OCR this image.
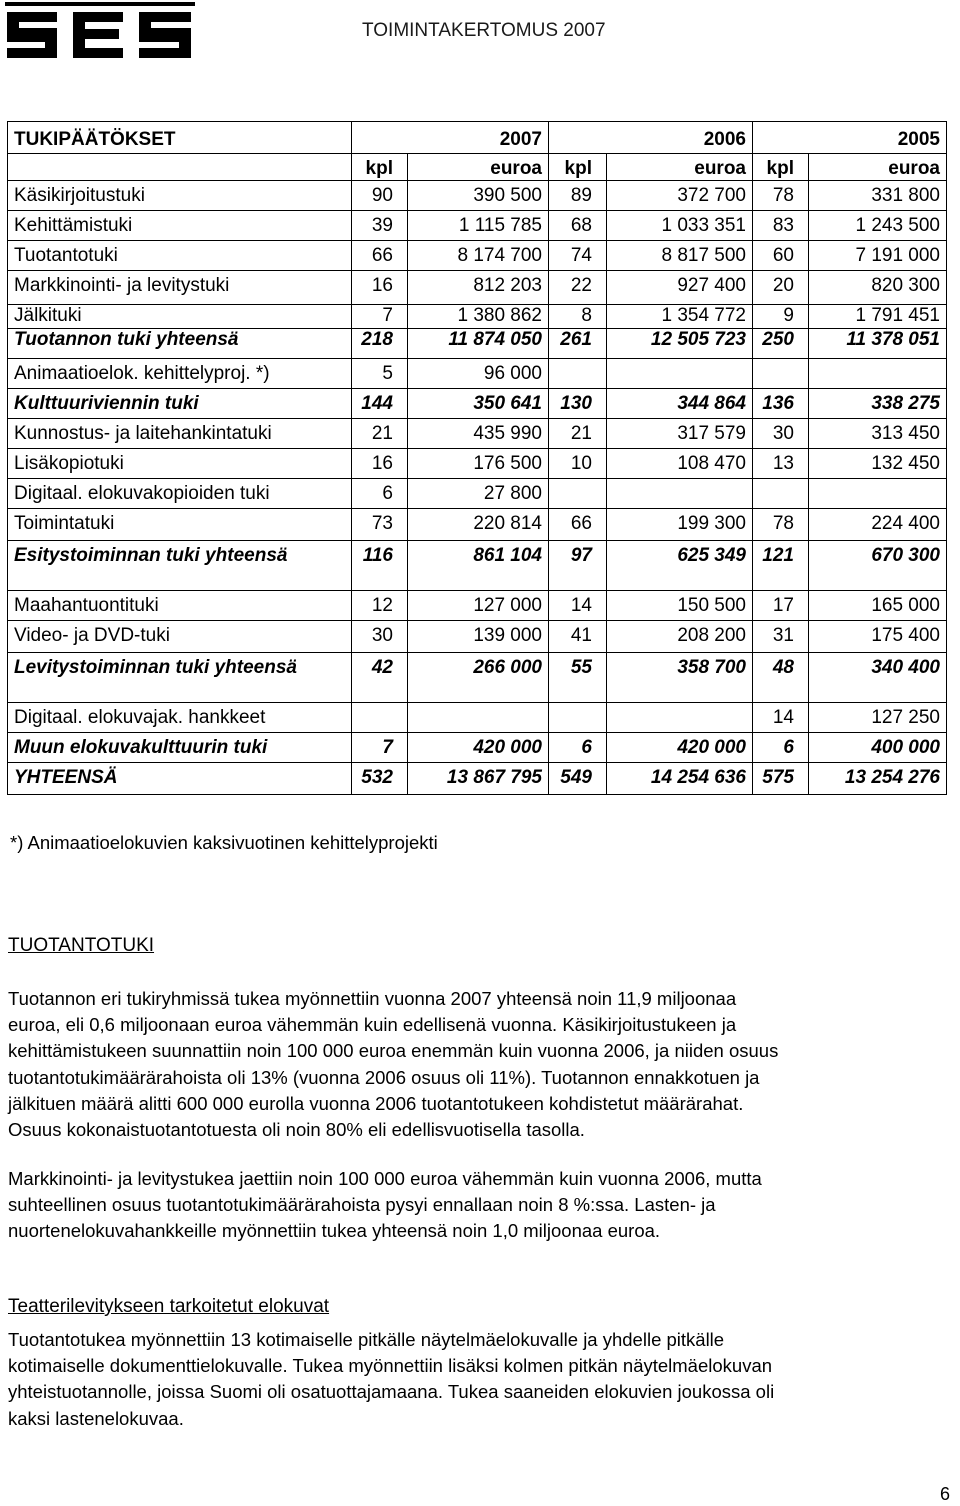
TOIMINTAKERTOMUS 2007
TUKIPÄÄTÖKSET	2007		2006		2005	
	kpl	euroa	kpl	euroa	kpl	euroa
Käsikirjoitustuki	90	390 500	89	372 700	78	331 800
Kehittämistuki	39	1 115 785	68	1 033 351	83	1 243 500
Tuotantotuki	66	8 174 700	74	8 817 500	60	7 191 000
Markkinointi- ja levitystuki	16	812 203	22	927 400	20	820 300
Jälkituki	7	1 380 862	8	1 354 772	9	1 791 451
Tuotannon tuki yhteensä	218	11 874 050	261	12 505 723	250	11 378 051
Animaatioelok. kehittelyproj. *)	5	96 000				
Kulttuuriviennin tuki	144	350 641	130	344 864	136	338 275
Kunnostus- ja laitehankintatuki	21	435 990	21	317 579	30	313 450
Lisäkopiotuki	16	176 500	10	108 470	13	132 450
Digitaal. elokuvakopioiden tuki	6	27 800				
Toimintatuki	73	220 814	66	199 300	78	224 400
Esitystoiminnan tuki yhteensä	116	861 104	97	625 349	121	670 300
Maahantuontituki	12	127 000	14	150 500	17	165 000
Video- ja DVD-tuki	30	139 000	41	208 200	31	175 400
Levitystoiminnan tuki yhteensä	42	266 000	55	358 700	48	340 400
Digitaal. elokuvajak. hankkeet					14	127 250
Muun elokuvakulttuurin tuki	7	420 000	6	420 000	6	400 000
YHTEENSÄ	532	13 867 795	549	14 254 636	575	13 254 276
*) Animaatioelokuvien kaksivuotinen kehittelyprojekti
TUOTANTOTUKI
Tuotannon eri tukiryhmissä tukea myönnettiin vuonna 2007 yhteensä noin 11,9 miljoonaa
euroa, eli 0,6 miljoonaan euroa vähemmän kuin edellisenä vuonna. Käsikirjoitustukeen ja
kehittämistukeen suunnattiin noin 100 000 euroa enemmän kuin vuonna 2006, ja niiden osuus
tuotantotukimäärärahoista oli 13% (vuonna 2006 osuus oli 11%). Tuotannon ennakkotuen ja
jälkituen määrä alitti 600 000 eurolla vuonna 2006 tuotantotukeen kohdistetut määrärahat.
Osuus kokonaistuotantotuesta oli noin 80% eli edellisvuotisella tasolla.
Markkinointi- ja levitystukea jaettiin noin 100 000 euroa vähemmän kuin vuonna 2006, mutta
suhteellinen osuus tuotantotukimäärärahoista pysyi ennallaan noin 8 %:ssa. Lasten- ja
nuortenelokuvahankkeille myönnettiin tukea yhteensä noin 1,0 miljoonaa euroa.
Teatterilevitykseen tarkoitetut elokuvat
Tuotantotukea myönnettiin 13 kotimaiselle pitkälle näytelmäelokuvalle ja yhdelle pitkälle
kotimaiselle dokumenttielokuvalle. Tukea myönnettiin lisäksi kolmen pitkän näytelmäelokuvan
yhteistuotannolle, joissa Suomi oli osatuottajamaana. Tukea saaneiden elokuvien joukossa oli
kaksi lastenelokuvaa.
6
